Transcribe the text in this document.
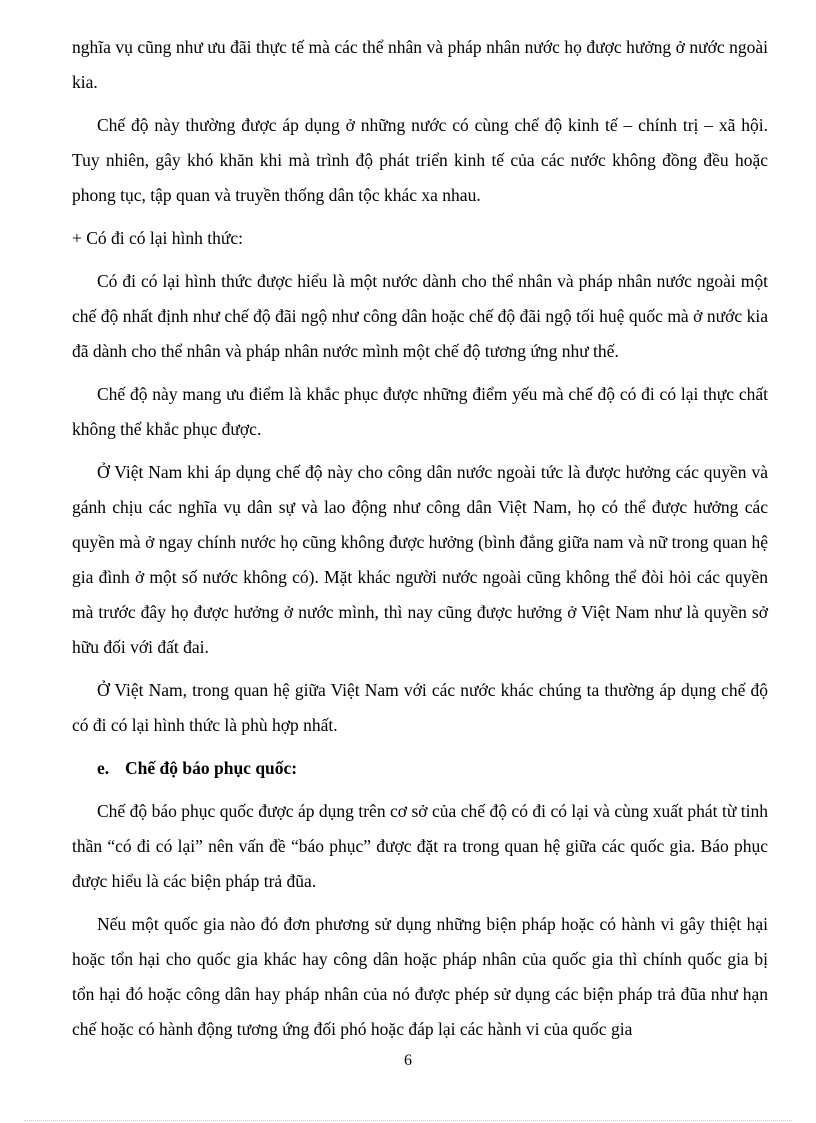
nghĩa vụ cũng như ưu đãi thực tế mà các thể nhân và pháp nhân nước họ được hưởng ở nước ngoài kia.

Chế độ này thường được áp dụng ở những nước có cùng chế độ kinh tế – chính trị – xã hội. Tuy nhiên, gây khó khăn khi mà trình độ phát triển kinh tế của các nước không đồng đều hoặc phong tục, tập quan và truyền thống dân tộc khác xa nhau.

+ Có đi có lại hình thức:

Có đi có lại hình thức được hiểu là một nước dành cho thể nhân và pháp nhân nước ngoài một chế độ nhất định như chế độ đãi ngộ như công dân hoặc chế độ đãi ngộ tối huệ quốc mà ở nước kia đã dành cho thể nhân và pháp nhân nước mình một chế độ tương ứng như thế.

Chế độ này mang ưu điểm là khắc phục được những điểm yếu mà chế độ có đi có lại thực chất không thể khắc phục được.

Ở Việt Nam khi áp dụng chế độ này cho công dân nước ngoài tức là được hưởng các quyền và gánh chịu các nghĩa vụ dân sự và lao động như công dân Việt Nam, họ có thể được hưởng các quyền mà ở ngay chính nước họ cũng không được hưởng (bình đẳng giữa nam và nữ trong quan hệ gia đình ở một số nước không có). Mặt khác người nước ngoài cũng không thể đòi hỏi các quyền mà trước đây họ được hưởng ở nước mình, thì nay cũng được hưởng ở Việt Nam như là quyền sở hữu đối với đất đai.

Ở Việt Nam, trong quan hệ giữa Việt Nam với các nước khác chúng ta thường áp dụng chế độ có đi có lại hình thức là phù hợp nhất.

e. Chế độ báo phục quốc:

Chế độ báo phục quốc được áp dụng trên cơ sở của chế độ có đi có lại và cùng xuất phát từ tinh thần “có đi có lại” nên vấn đề “báo phục” được đặt ra trong quan hệ giữa các quốc gia. Báo phục được hiểu là các biện pháp trả đũa.

Nếu một quốc gia nào đó đơn phương sử dụng những biện pháp hoặc có hành vi gây thiệt hại hoặc tổn hại cho quốc gia khác hay công dân hoặc pháp nhân của quốc gia thì chính quốc gia bị tổn hại đó hoặc công dân hay pháp nhân của nó được phép sử dụng các biện pháp trả đũa như hạn chế hoặc có hành động tương ứng đối phó hoặc đáp lại các hành vi của quốc gia

6
